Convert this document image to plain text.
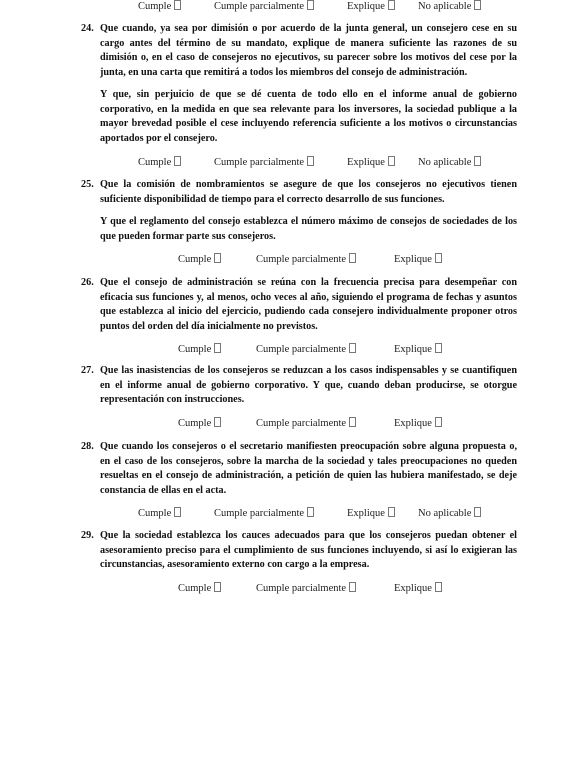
Cumple	Cumple parcialmente	Explique	No aplicable
24. Que cuando, ya sea por dimisión o por acuerdo de la junta general, un consejero cese en su cargo antes del término de su mandato, explique de manera suficiente las razones de su dimisión o, en el caso de consejeros no ejecutivos, su parecer sobre los motivos del cese por la junta, en una carta que remitirá a todos los miembros del consejo de administración.

Y que, sin perjuicio de que se dé cuenta de todo ello en el informe anual de gobierno corporativo, en la medida en que sea relevante para los inversores, la sociedad publique a la mayor brevedad posible el cese incluyendo referencia suficiente a los motivos o circunstancias aportados por el consejero.

Cumple	Cumple parcialmente	Explique	No aplicable
25. Que la comisión de nombramientos se asegure de que los consejeros no ejecutivos tienen suficiente disponibilidad de tiempo para el correcto desarrollo de sus funciones.

Y que el reglamento del consejo establezca el número máximo de consejos de sociedades de los que pueden formar parte sus consejeros.

Cumple	Cumple parcialmente	Explique
26. Que el consejo de administración se reúna con la frecuencia precisa para desempeñar con eficacia sus funciones y, al menos, ocho veces al año, siguiendo el programa de fechas y asuntos que establezca al inicio del ejercicio, pudiendo cada consejero individualmente proponer otros puntos del orden del día inicialmente no previstos.

Cumple	Cumple parcialmente	Explique
27. Que las inasistencias de los consejeros se reduzcan a los casos indispensables y se cuantifiquen en el informe anual de gobierno corporativo. Y que, cuando deban producirse, se otorgue representación con instrucciones.

Cumple	Cumple parcialmente	Explique
28. Que cuando los consejeros o el secretario manifiesten preocupación sobre alguna propuesta o, en el caso de los consejeros, sobre la marcha de la sociedad y tales preocupaciones no queden resueltas en el consejo de administración, a petición de quien las hubiera manifestado, se deje constancia de ellas en el acta.

Cumple	Cumple parcialmente	Explique	No aplicable
29. Que la sociedad establezca los cauces adecuados para que los consejeros puedan obtener el asesoramiento preciso para el cumplimiento de sus funciones incluyendo, si así lo exigieran las circunstancias, asesoramiento externo con cargo a la empresa.

Cumple	Cumple parcialmente	Explique
